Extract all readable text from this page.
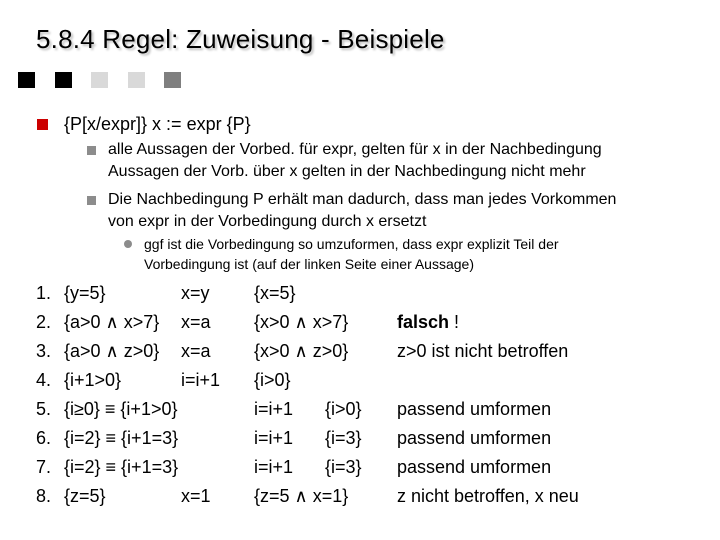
5.8.4 Regel: Zuweisung - Beispiele
{P[x/expr]} x := expr {P}
alle Aussagen der Vorbed. für expr, gelten für x in der Nachbedingung
Aussagen der Vorb. über x gelten in der Nachbedingung nicht mehr
Die Nachbedingung P erhält man dadurch, dass man jedes Vorkommen
von expr in der Vorbedingung durch x ersetzt
ggf ist die Vorbedingung so umzuformen, dass expr explizit Teil der
Vorbedingung ist (auf der linken Seite einer Aussage)
1. {y=5}	x=y {x=5}
2. {a>0 ∧ x>7} x=a {x>0 ∧ x>7}	falsch !
3. {a>0 ∧ z>0} x=a {x>0 ∧ z>0}	z>0 ist nicht betroffen
4. {i+1>0}	i=i+1 {i>0}
5. {i≥0} ≡ {i+1>0}	i=i+1 {i>0} passend umformen
6. {i=2} ≡ {i+1=3}	i=i+1 {i=3} passend umformen
7. {i=2} ≡ {i+1=3}	i=i+1 {i=3} passend umformen
8. {z=5}	x=1 {z=5 ∧ x=1}	z nicht betroffen, x neu
